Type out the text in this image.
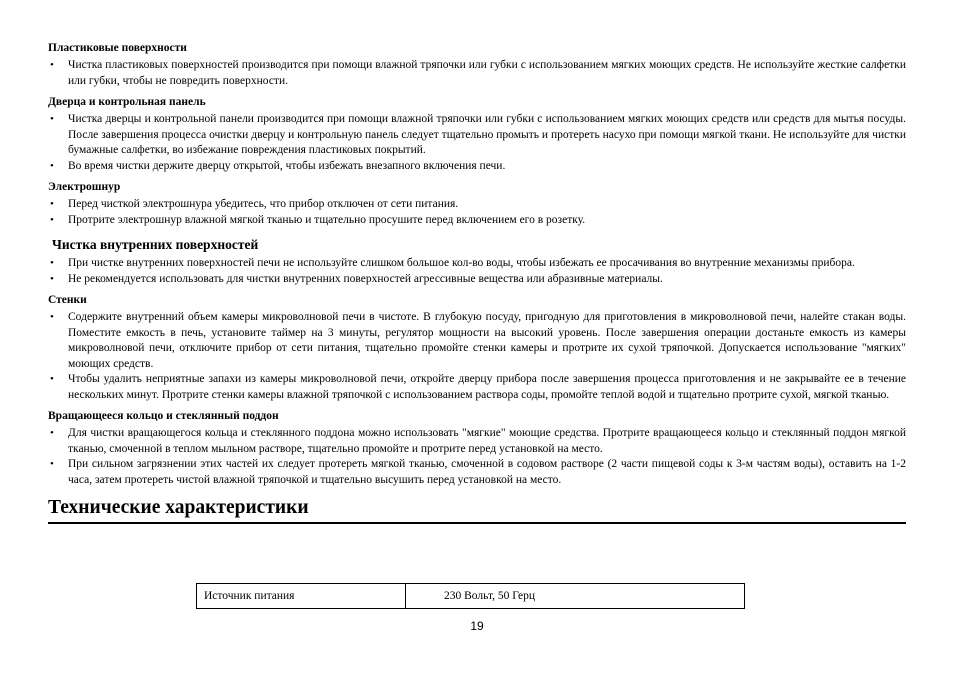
Пластиковые поверхности
• Чистка пластиковых поверхностей производится при помощи влажной тряпочки или губки с использованием мягких моющих средств. Не используйте жесткие салфетки или губки, чтобы не повредить поверхности.
Дверца и контрольная панель
• Чистка дверцы и контрольной панели производится при помощи влажной тряпочки или губки с использованием мягких моющих средств или средств для мытья посуды. После завершения процесса очистки дверцу и контрольную панель следует тщательно промыть и протереть насухо при помощи мягкой ткани. Не используйте для чистки бумажные салфетки, во избежание повреждения пластиковых покрытий.
• Во время чистки держите дверцу открытой, чтобы избежать внезапного включения печи.
Электрошнур
• Перед чисткой электрошнура убедитесь, что прибор отключен от сети питания.
• Протрите электрошнур влажной мягкой тканью и тщательно просушите перед включением его в розетку.
Чистка внутренних поверхностей
• При чистке внутренних поверхностей печи не используйте слишком большое кол-во воды, чтобы избежать ее просачивания во внутренние механизмы прибора.
• Не рекомендуется использовать для чистки внутренних поверхностей агрессивные вещества или абразивные материалы.
Стенки
• Содержите внутренний объем камеры микроволновой печи в чистоте. В глубокую посуду, пригодную для приготовления в микроволновой печи, налейте стакан воды. Поместите емкость в печь, установите таймер на 3 минуты, регулятор мощности на высокий уровень. После завершения операции достаньте емкость из камеры микроволновой печи, отключите прибор от сети питания, тщательно промойте стенки камеры и протрите их сухой тряпочкой. Допускается использование "мягких" моющих средств.
• Чтобы удалить неприятные запахи из камеры микроволновой печи, откройте дверцу прибора после завершения процесса приготовления и не закрывайте ее в течение нескольких минут. Протрите стенки камеры влажной тряпочкой с использованием раствора соды, промойте теплой водой и тщательно протрите сухой, мягкой тканью.
Вращающееся кольцо и стеклянный поддон
• Для чистки вращающегося кольца и стеклянного поддона можно использовать "мягкие" моющие средства. Протрите вращающееся кольцо и стеклянный поддон мягкой тканью, смоченной в теплом мыльном растворе, тщательно промойте и протрите перед установкой на место.
• При сильном загрязнении этих частей их следует протереть мягкой тканью, смоченной в содовом растворе (2 части пищевой соды к 3-м частям воды), оставить на 1-2 часа, затем протереть чистой влажной тряпочкой и тщательно высушить перед установкой на место.
Технические характеристики
Источник питания	230 Вольт, 50 Герц
19
